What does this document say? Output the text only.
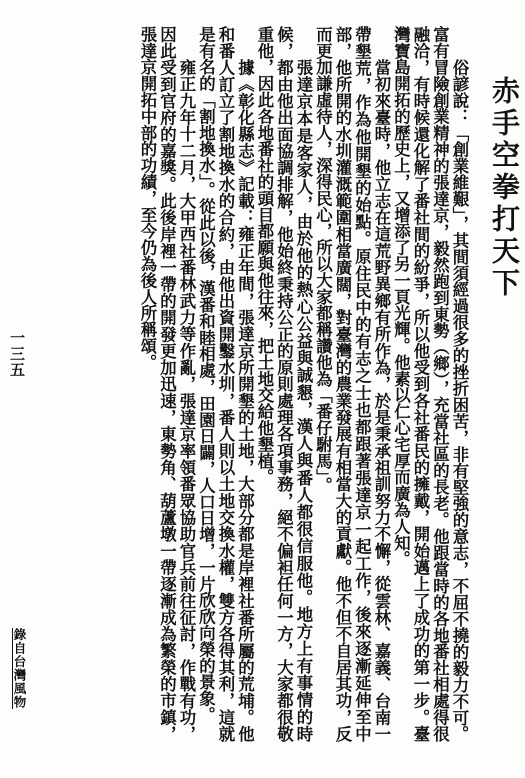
赤手空拳打天下

俗諺說：「創業維艱」，其間須經過很多的挫折困苦，非有堅強的意志，不屈不撓的毅力不可。富有冒險創業精神的張達京，毅然跑到東勢（鄉），充當社區的長老。他跟當時的各地番社相處得很融洽，有時候還化解了番社間的紛爭，所以他受到各社番民的擁戴，開始邁上了成功的第一步。臺灣寶島開拓的歷史上，又增添了另一頁光輝。他素以仁心宅厚而廣為人知。

當初來臺時，他立志在這荒野異鄉有所作為，於是秉承祖訓努力不懈，從雲林、嘉義、台南一帶墾荒，作為他開墾的始點。原住民中的有志之士也都跟著張達京一起工作，後來逐漸延伸至中部，他所開的水圳灌溉範圍相當廣闊，對臺灣的農業發展有相當大的貢獻。他不但不自居其功，反而更加謙虛待人，深得民心，所以大家都稱讚他為「番仔駙馬」。

張達京本是客家人，由於他的熱心公益與誠懇，漢人與番人都很信服他。地方上有事情的時候，都由他出面協調排解，他始終秉持公正的原則處理各項事務，絕不偏袒任何一方，大家都很敬重他，因此各地番社的頭目都願與他往來，把土地交給他墾植。

據《彰化縣志》記載：雍正年間，張達京所開墾的土地，大部分都是岸裡社番所屬的荒埔。他和番人訂立了割地換水的合約，由他出資開鑿水圳，番人則以土地交換水權，雙方各得其利，這就是有名的「割地換水」。從此以後，漢番和睦相處，田園日闢，人口日增，一片欣欣向榮的景象。

雍正九年十二月，大甲西社番林武力等作亂，張達京率領番眾協助官兵前往征討，作戰有功，因此受到官府的嘉獎。此後岸裡一帶的開發更加迅速，東勢角、葫蘆墩一帶逐漸成為繁榮的市鎮，張達京開拓中部的功績，至今仍為後人所稱頌。

一三五
錄自台灣風物
